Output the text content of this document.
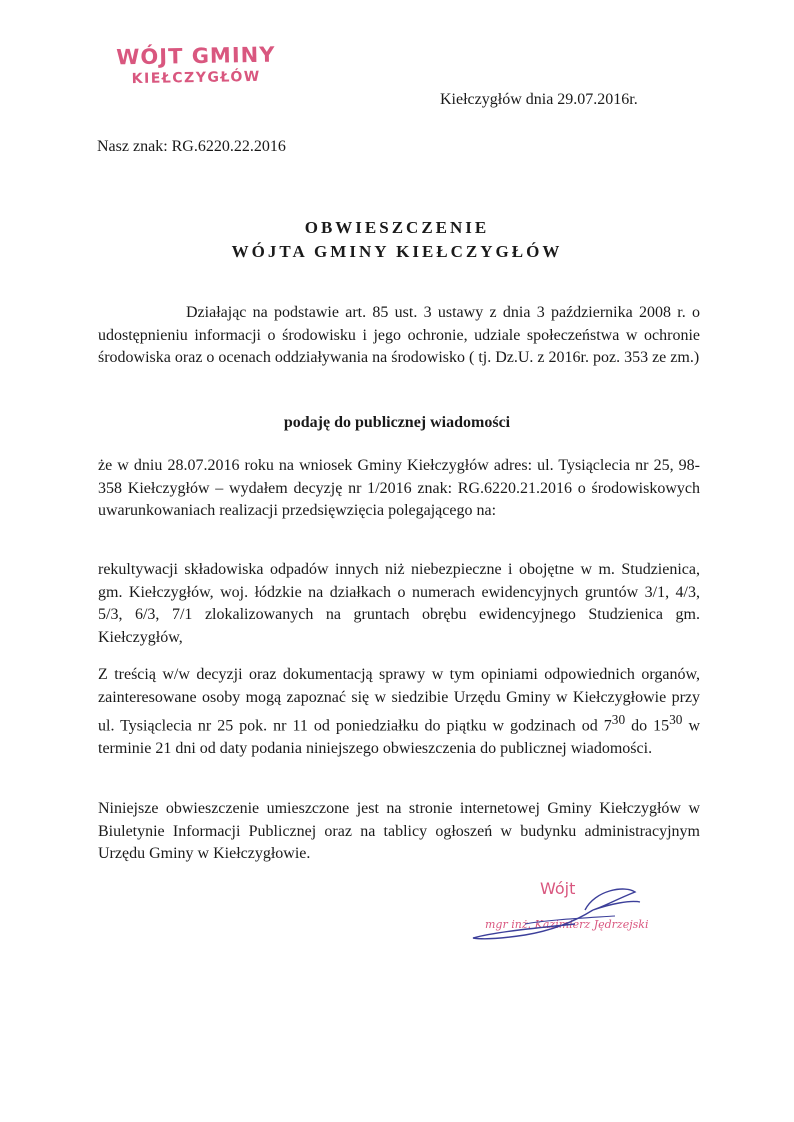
WÓJT GMINY
KIEŁCZYGŁÓW
Kiełczygłów dnia 29.07.2016r.
Nasz znak: RG.6220.22.2016
OBWIESZCZENIE
WÓJTA GMINY KIEŁCZYGŁÓW

Działając na podstawie art. 85 ust. 3 ustawy z dnia 3 października 2008 r. o udostępnieniu informacji o środowisku i jego ochronie, udziale społeczeństwa w ochronie środowiska oraz o ocenach oddziaływania na środowisko ( tj. Dz.U. z 2016r. poz. 353 ze zm.)

podaję do publicznej wiadomości

że w dniu 28.07.2016 roku na wniosek Gminy Kiełczygłów adres: ul. Tysiąclecia nr 25, 98-358 Kiełczygłów – wydałem decyzję nr 1/2016 znak: RG.6220.21.2016 o środowiskowych uwarunkowaniach realizacji przedsięwzięcia polegającego na:

rekultywacji składowiska odpadów innych niż niebezpieczne i obojętne w m. Studzienica, gm. Kiełczygłów, woj. łódzkie na działkach o numerach ewidencyjnych gruntów 3/1, 4/3, 5/3, 6/3, 7/1 zlokalizowanych na gruntach obrębu ewidencyjnego Studzienica gm. Kiełczygłów,

Z treścią w/w decyzji oraz dokumentacją sprawy w tym opiniami odpowiednich organów, zainteresowane osoby mogą zapoznać się w siedzibie Urzędu Gminy w Kiełczygłowie przy ul. Tysiąclecia nr 25 pok. nr 11 od poniedziałku do piątku w godzinach od $7^{30}$ do $15^{30}$ w terminie 21 dni od daty podania niniejszego obwieszczenia do publicznej wiadomości.

Niniejsze obwieszczenie umieszczone jest na stronie internetowej Gminy Kiełczygłów w Biuletynie Informacji Publicznej oraz na tablicy ogłoszeń w budynku administracyjnym Urzędu Gminy w Kiełczygłowie.

Wójt
mgr inż. Kazimierz Jędrzejski
